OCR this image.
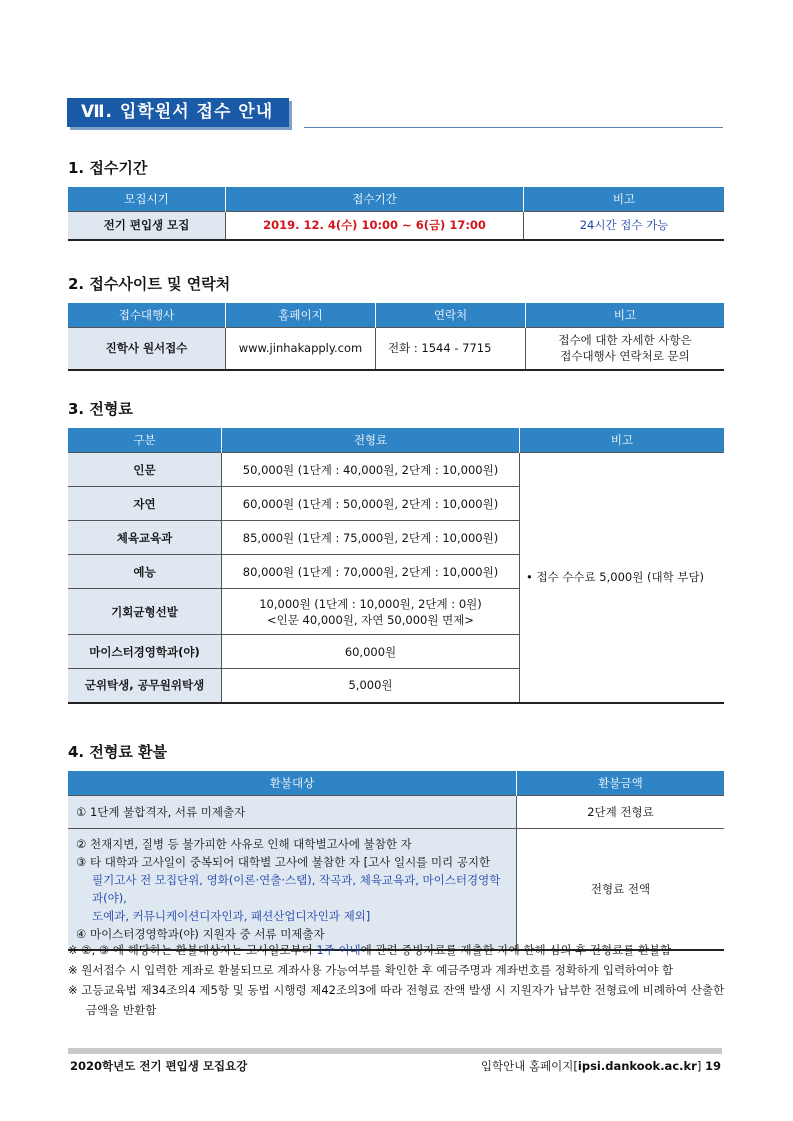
Ⅶ. 입학원서 접수 안내
1. 접수기간
모집시기	접수기간	비고
전기 편입생 모집	2019. 12. 4(수) 10:00 ~ 6(금) 17:00	24시간 접수 가능
2. 접수사이트 및 연락처
접수대행사	홈페이지	연락처	비고
진학사 원서접수	www.jinhakapply.com	전화 : 1544 - 7715	접수에 대한 자세한 사항은
접수대행사 연락처로 문의
3. 전형료
구분	전형료	비고
인문	50,000원 (1단계 : 40,000원, 2단계 : 10,000원)	• 접수 수수료 5,000원 (대학 부담)
자연	60,000원 (1단계 : 50,000원, 2단계 : 10,000원)	
체육교육과	85,000원 (1단계 : 75,000원, 2단계 : 10,000원)	
예능	80,000원 (1단계 : 70,000원, 2단계 : 10,000원)	
기회균형선발	10,000원 (1단계 : 10,000원, 2단계 : 0원)
<인문 40,000원, 자연 50,000원 면제>	

마이스터경영학과(야)	60,000원	
군위탁생, 공무원위탁생	5,000원	
4. 전형료 환불
환불대상	환불금액
① 1단계 불합격자, 서류 미제출자	2단계 전형료

② 천재지변, 질병 등 불가피한 사유로 인해 대학별고사에 불참한 자
③ 타 대학과 고사일이 중복되어 대학별 고사에 불참한 자 [고사 일시를 미리 공지한
필기고사 전 모집단위, 영화(이론·연출·스탭), 작곡과, 체육교육과, 마이스터경영학과(야),
도예과, 커뮤니케이션디자인과, 패션산업디자인과 제외]
④ 마이스터경영학과(야) 지원자 중 서류 미제출자	전형료 전액
※ ②, ③ 에 해당하는 환불대상자는 고사일로부터 1주 이내에 관련 증빙자료를 제출한 자에 한해 심의 후 전형료를 환불함
※ 원서접수 시 입력한 계좌로 환불되므로 계좌사용 가능여부를 확인한 후 예금주명과 계좌번호를 정확하게 입력하여야 함
※ 고등교육법 제34조의4 제5항 및 동법 시행령 제42조의3에 따라 전형료 잔액 발생 시 지원자가 납부한 전형료에 비례하여 산출한 금액을 반환함
2020학년도 전기 편입생 모집요강	입학안내 홈페이지[ipsi.dankook.ac.kr] 19
